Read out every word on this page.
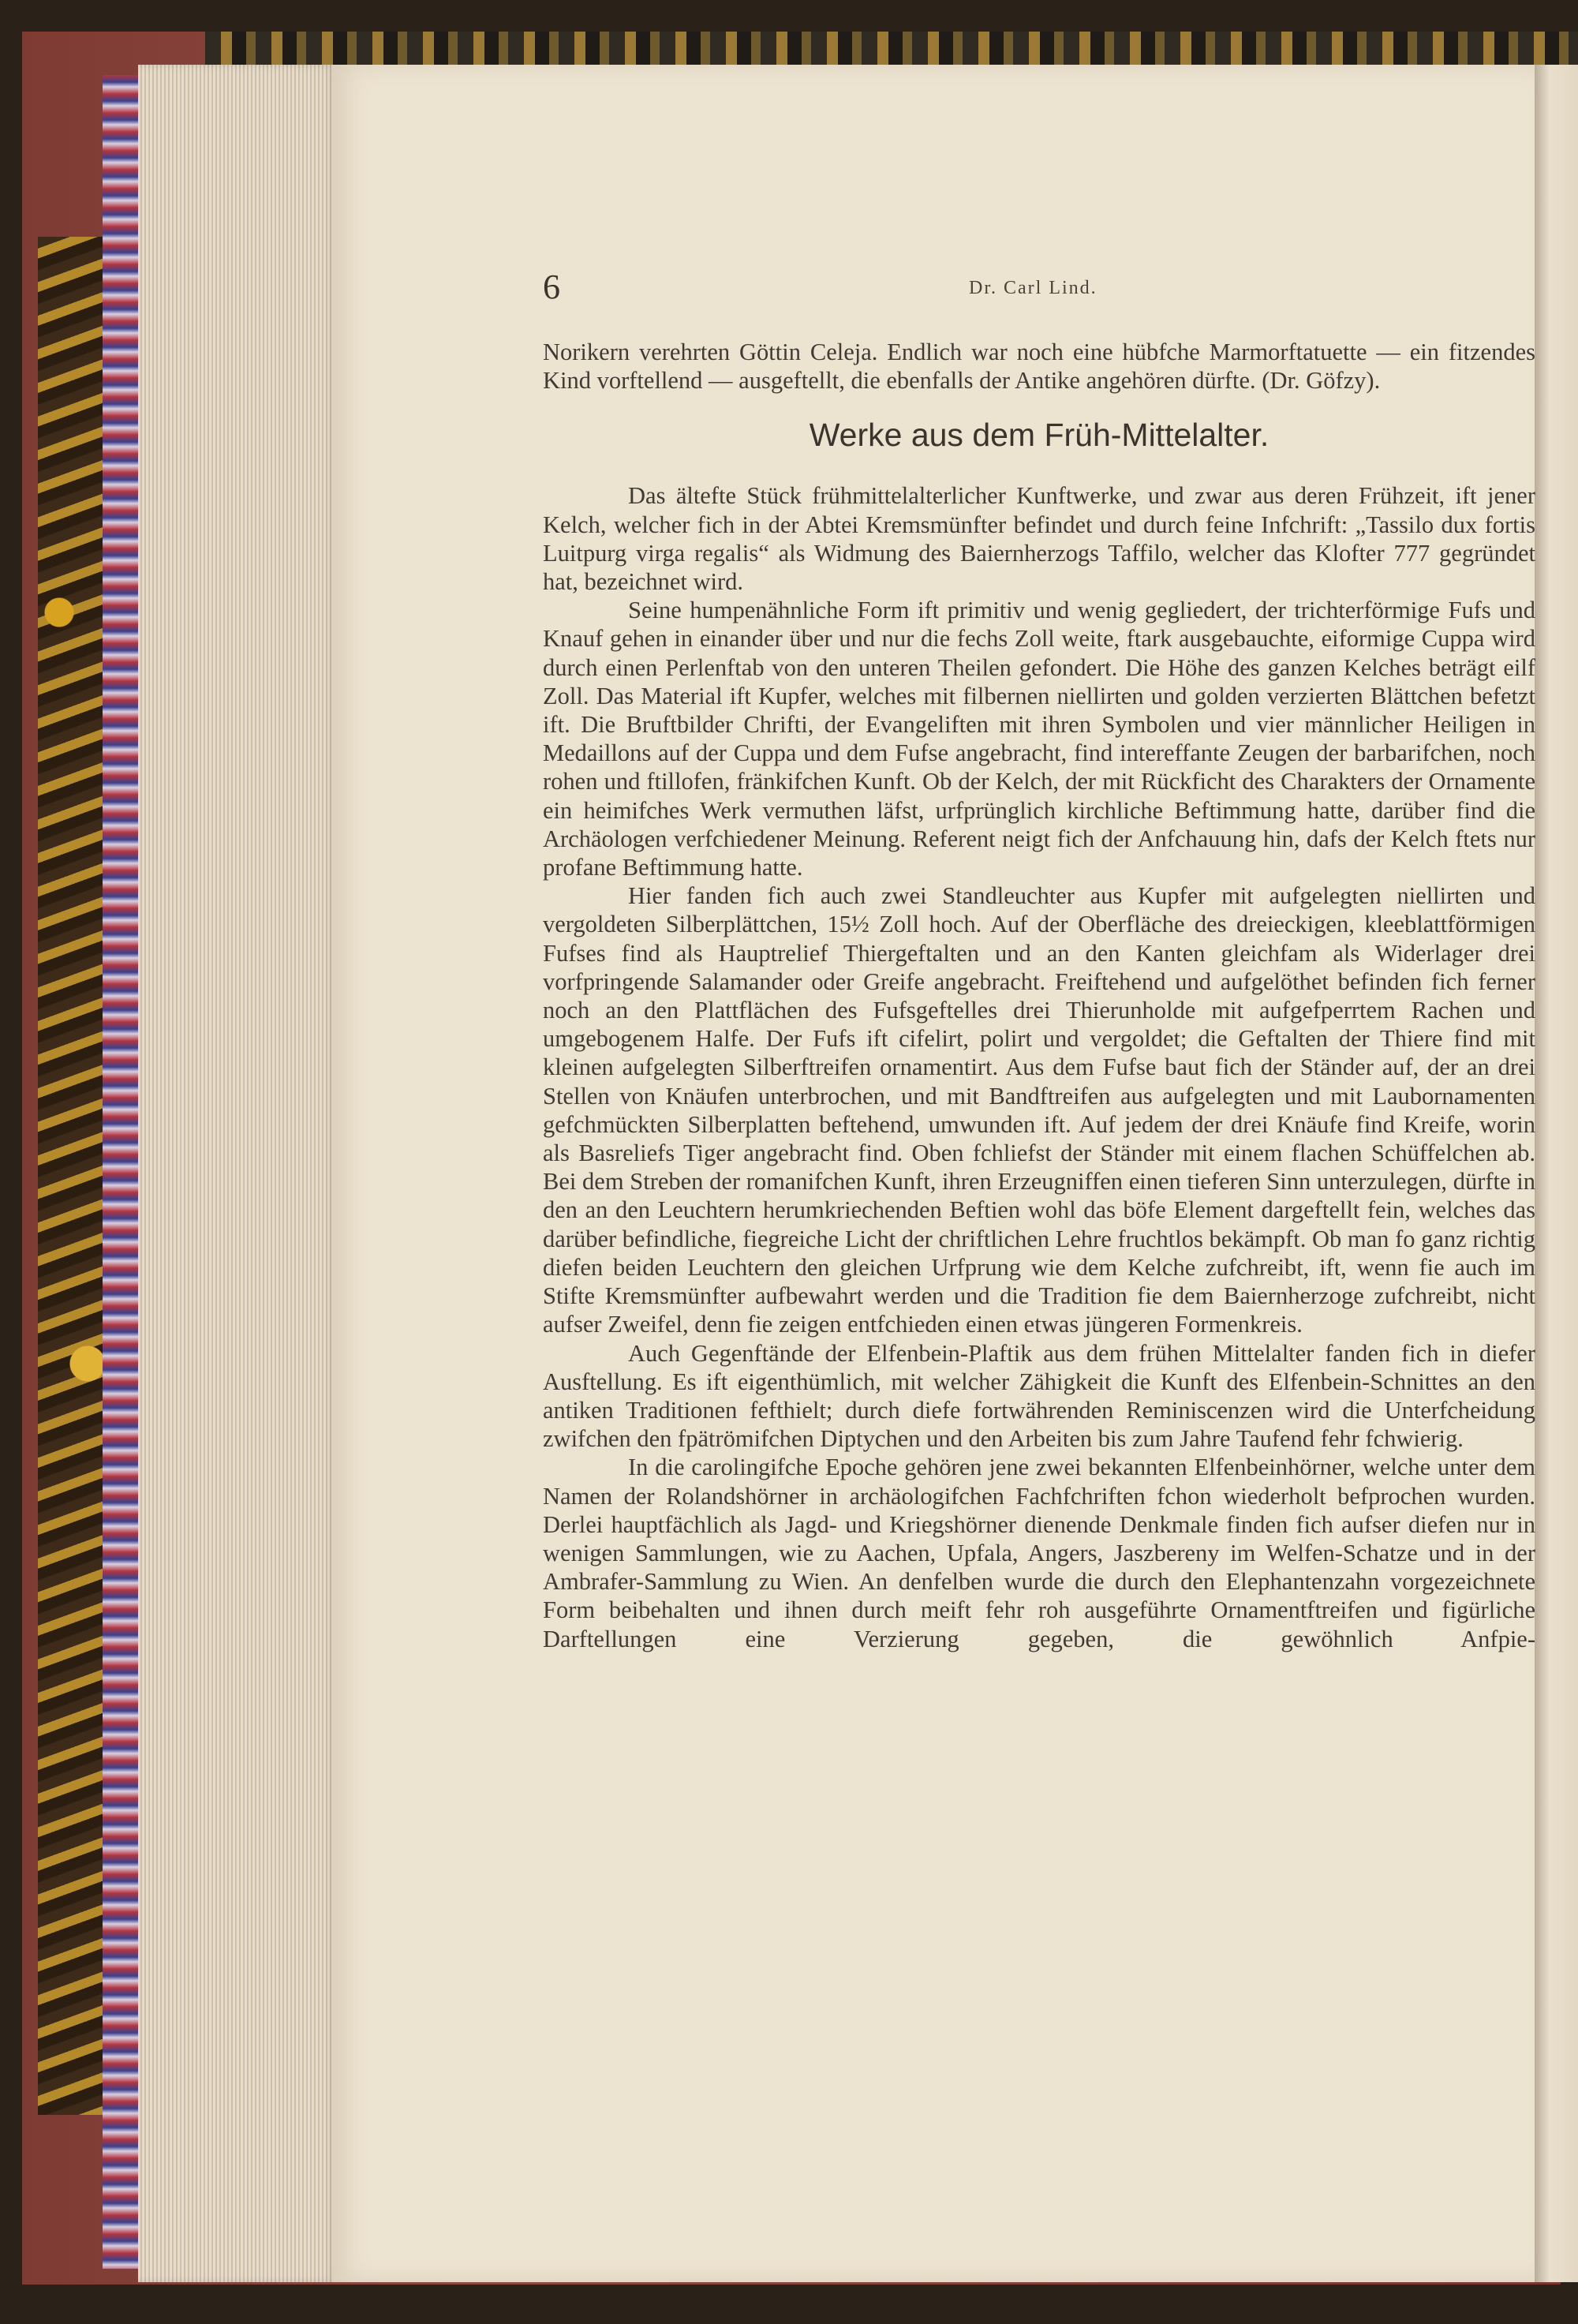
6	Dr. Carl Lind.

Norikern verehrten Göttin Celeja. Endlich war noch eine hübfche Marmorftatuette — ein fitzendes Kind vorftellend — ausgeftellt, die ebenfalls der Antike angehören dürfte. (Dr. Göfzy).

Werke aus dem Früh-Mittelalter.

Das ältefte Stück frühmittelalterlicher Kunftwerke, und zwar aus deren Frühzeit, ift jener Kelch, welcher fich in der Abtei Kremsmünfter befindet und durch feine Infchrift: „Tassilo dux fortis Luitpurg virga regalis“ als Widmung des Baiernherzogs Taffilo, welcher das Klofter 777 gegründet hat, bezeichnet wird.

Seine humpenähnliche Form ift primitiv und wenig gegliedert, der trichterförmige Fufs und Knauf gehen in einander über und nur die fechs Zoll weite, ftark ausgebauchte, eiformige Cuppa wird durch einen Perlenftab von den unteren Theilen gefondert. Die Höhe des ganzen Kelches beträgt eilf Zoll. Das Material ift Kupfer, welches mit filbernen niellirten und golden verzierten Blättchen befetzt ift. Die Bruftbilder Chrifti, der Evangeliften mit ihren Symbolen und vier männlicher Heiligen in Medaillons auf der Cuppa und dem Fufse angebracht, find intereffante Zeugen der barbarifchen, noch rohen und ftillofen, fränkifchen Kunft. Ob der Kelch, der mit Rückficht des Charakters der Ornamente ein heimifches Werk vermuthen läfst, urfprünglich kirchliche Beftimmung hatte, darüber find die Archäologen verfchiedener Meinung. Referent neigt fich der Anfchauung hin, dafs der Kelch ftets nur profane Beftimmung hatte.

Hier fanden fich auch zwei Standleuchter aus Kupfer mit aufgelegten niellirten und vergoldeten Silberplättchen, 15½ Zoll hoch. Auf der Oberfläche des dreieckigen, kleeblattförmigen Fufses find als Hauptrelief Thiergeftalten und an den Kanten gleichfam als Widerlager drei vorfpringende Salamander oder Greife angebracht. Freiftehend und aufgelöthet befinden fich ferner noch an den Plattflächen des Fufsgeftelles drei Thierunholde mit aufgefperrtem Rachen und umgebogenem Halfe. Der Fufs ift cifelirt, polirt und vergoldet; die Geftalten der Thiere find mit kleinen aufgelegten Silberftreifen ornamentirt. Aus dem Fufse baut fich der Ständer auf, der an drei Stellen von Knäufen unterbrochen, und mit Bandftreifen aus aufgelegten und mit Laubornamenten gefchmückten Silberplatten beftehend, umwunden ift. Auf jedem der drei Knäufe find Kreife, worin als Basreliefs Tiger angebracht find. Oben fchliefst der Ständer mit einem flachen Schüffelchen ab. Bei dem Streben der romanifchen Kunft, ihren Erzeugniffen einen tieferen Sinn unterzulegen, dürfte in den an den Leuchtern herumkriechenden Beftien wohl das böfe Element dargeftellt fein, welches das darüber befindliche, fiegreiche Licht der chriftlichen Lehre fruchtlos bekämpft. Ob man fo ganz richtig diefen beiden Leuchtern den gleichen Urfprung wie dem Kelche zufchreibt, ift, wenn fie auch im Stifte Kremsmünfter aufbewahrt werden und die Tradition fie dem Baiernherzoge zufchreibt, nicht aufser Zweifel, denn fie zeigen entfchieden einen etwas jüngeren Formenkreis.

Auch Gegenftände der Elfenbein-Plaftik aus dem frühen Mittelalter fanden fich in diefer Ausftellung. Es ift eigenthümlich, mit welcher Zähigkeit die Kunft des Elfenbein-Schnittes an den antiken Traditionen fefthielt; durch diefe fortwährenden Reminiscenzen wird die Unterfcheidung zwifchen den fpätrömifchen Diptychen und den Arbeiten bis zum Jahre Taufend fehr fchwierig.

In die carolingifche Epoche gehören jene zwei bekannten Elfenbeinhörner, welche unter dem Namen der Rolandshörner in archäologifchen Fachfchriften fchon wiederholt befprochen wurden. Derlei hauptfächlich als Jagd- und Kriegshörner dienende Denkmale finden fich aufser diefen nur in wenigen Sammlungen, wie zu Aachen, Upfala, Angers, Jaszbereny im Welfen-Schatze und in der Ambrafer-Sammlung zu Wien. An denfelben wurde die durch den Elephantenzahn vorgezeichnete Form beibehalten und ihnen durch meift fehr roh ausgeführte Ornamentftreifen und figürliche Darftellungen eine Verzierung gegeben, die gewöhnlich Anfpie-
